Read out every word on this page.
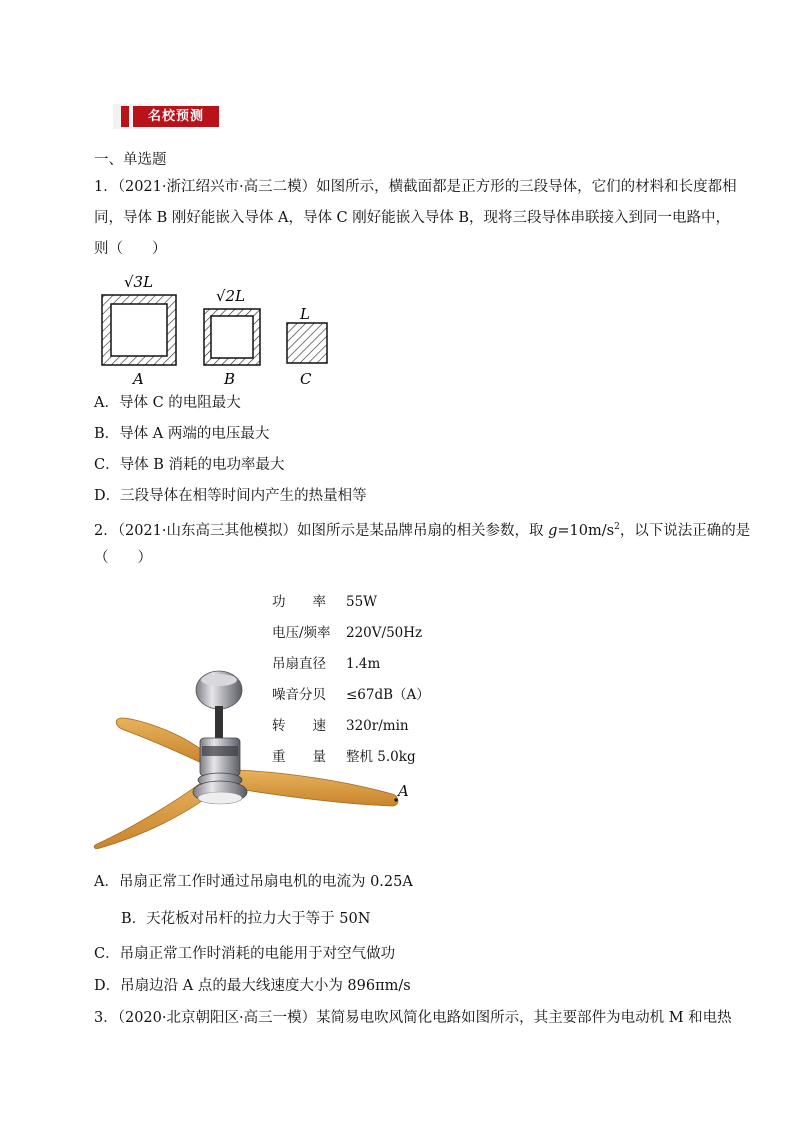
名校预测
一、单选题
1．（2021·浙江绍兴市·高三二模）如图所示，横截面都是正方形的三段导体，它们的材料和长度都相
同，导体 B 刚好能嵌入导体 A，导体 C 刚好能嵌入导体 B，现将三段导体串联接入到同一电路中，
则（　　）
√3L
√2L
L
A	B	C
A．导体 C 的电阻最大
B．导体 A 两端的电压最大
C．导体 B 消耗的电功率最大
D．三段导体在相等时间内产生的热量相等
2．（2021·山东高三其他模拟）如图所示是某品牌吊扇的相关参数，取 $g=10m/s^2$，以下说法正确的是
（　　）
功　　率 55W
电压/频率 220V/50Hz
吊扇直径 1.4m
噪音分贝 ≤67dB（A）
转　　速 320r/min
重　　量 整机 5.0kg
A
A．吊扇正常工作时通过吊扇电机的电流为 0.25A
B．天花板对吊杆的拉力大于等于 50N
C．吊扇正常工作时消耗的电能用于对空气做功
D．吊扇边沿 A 点的最大线速度大小为 896πm/s
3．（2020·北京朝阳区·高三一模）某简易电吹风简化电路如图所示，其主要部件为电动机 M 和电热
